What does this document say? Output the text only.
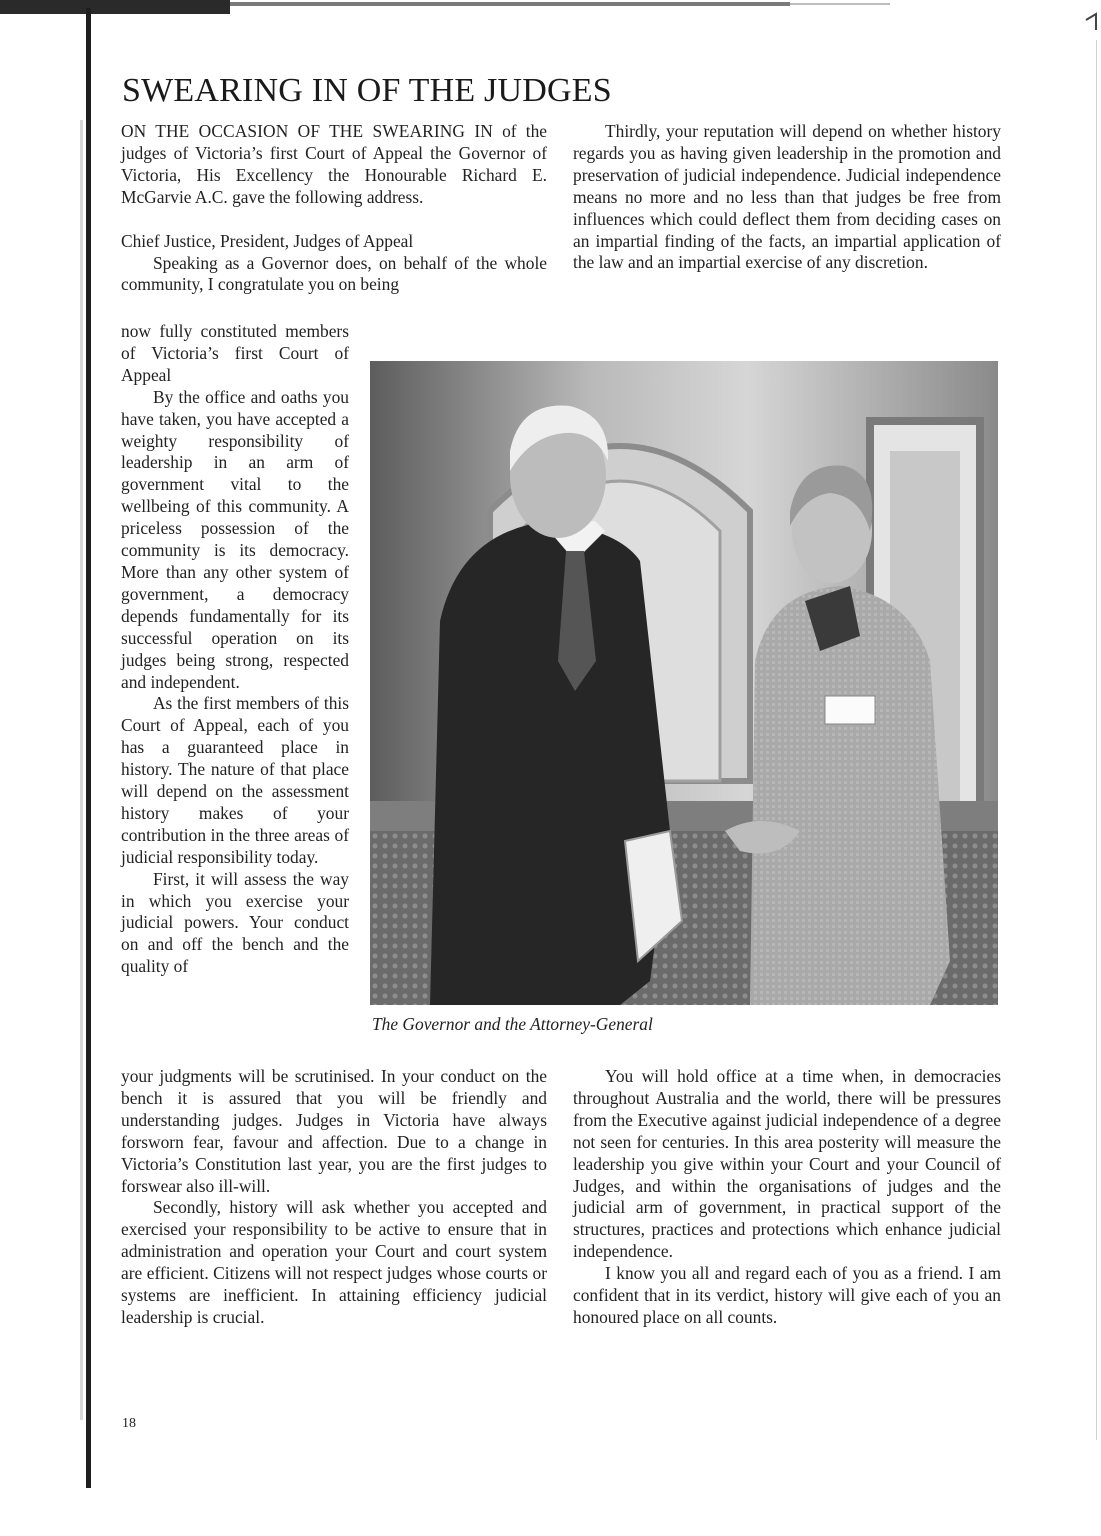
SWEARING IN OF THE JUDGES

ON THE OCCASION OF THE SWEARING IN of the judges of Victoria’s first Court of Appeal the Governor of Victoria, His Excellency the Honourable Richard E. McGarvie A.C. gave the following address.

Chief Justice, President, Judges of Appeal

Speaking as a Governor does, on behalf of the whole community, I congratulate you on being

now fully constituted members of Victoria’s first Court of Appeal

By the office and oaths you have taken, you have accepted a weighty responsibility of leadership in an arm of government vital to the wellbeing of this community. A priceless possession of the community is its democracy. More than any other system of government, a democracy depends fundamentally for its successful operation on its judges being strong, respected and independent.

As the first members of this Court of Appeal, each of you has a guaranteed place in history. The nature of that place will depend on the assessment history makes of your contribution in the three areas of judicial responsibility today.

First, it will assess the way in which you exercise your judicial powers. Your conduct on and off the bench and the quality of

your judgments will be scrutinised. In your conduct on the bench it is assured that you will be friendly and understanding judges. Judges in Victoria have always forsworn fear, favour and affection. Due to a change in Victoria’s Constitution last year, you are the first judges to forswear also ill-will.

Secondly, history will ask whether you accepted and exercised your responsibility to be active to ensure that in administration and operation your Court and court system are efficient. Citizens will not respect judges whose courts or systems are inefficient. In attaining efficiency judicial leadership is crucial.

Thirdly, your reputation will depend on whether history regards you as having given leadership in the promotion and preservation of judicial independence. Judicial independence means no more and no less than that judges be free from influences which could deflect them from deciding cases on an impartial finding of the facts, an impartial application of the law and an impartial exercise of any discretion.

You will hold office at a time when, in democracies throughout Australia and the world, there will be pressures from the Executive against judicial independence of a degree not seen for centuries. In this area posterity will measure the leadership you give within your Court and your Council of Judges, and within the organisations of judges and the judicial arm of government, in practical support of the structures, practices and protections which enhance judicial independence.

I know you all and regard each of you as a friend. I am confident that in its verdict, history will give each of you an honoured place on all counts.

The Governor and the Attorney-General

18
